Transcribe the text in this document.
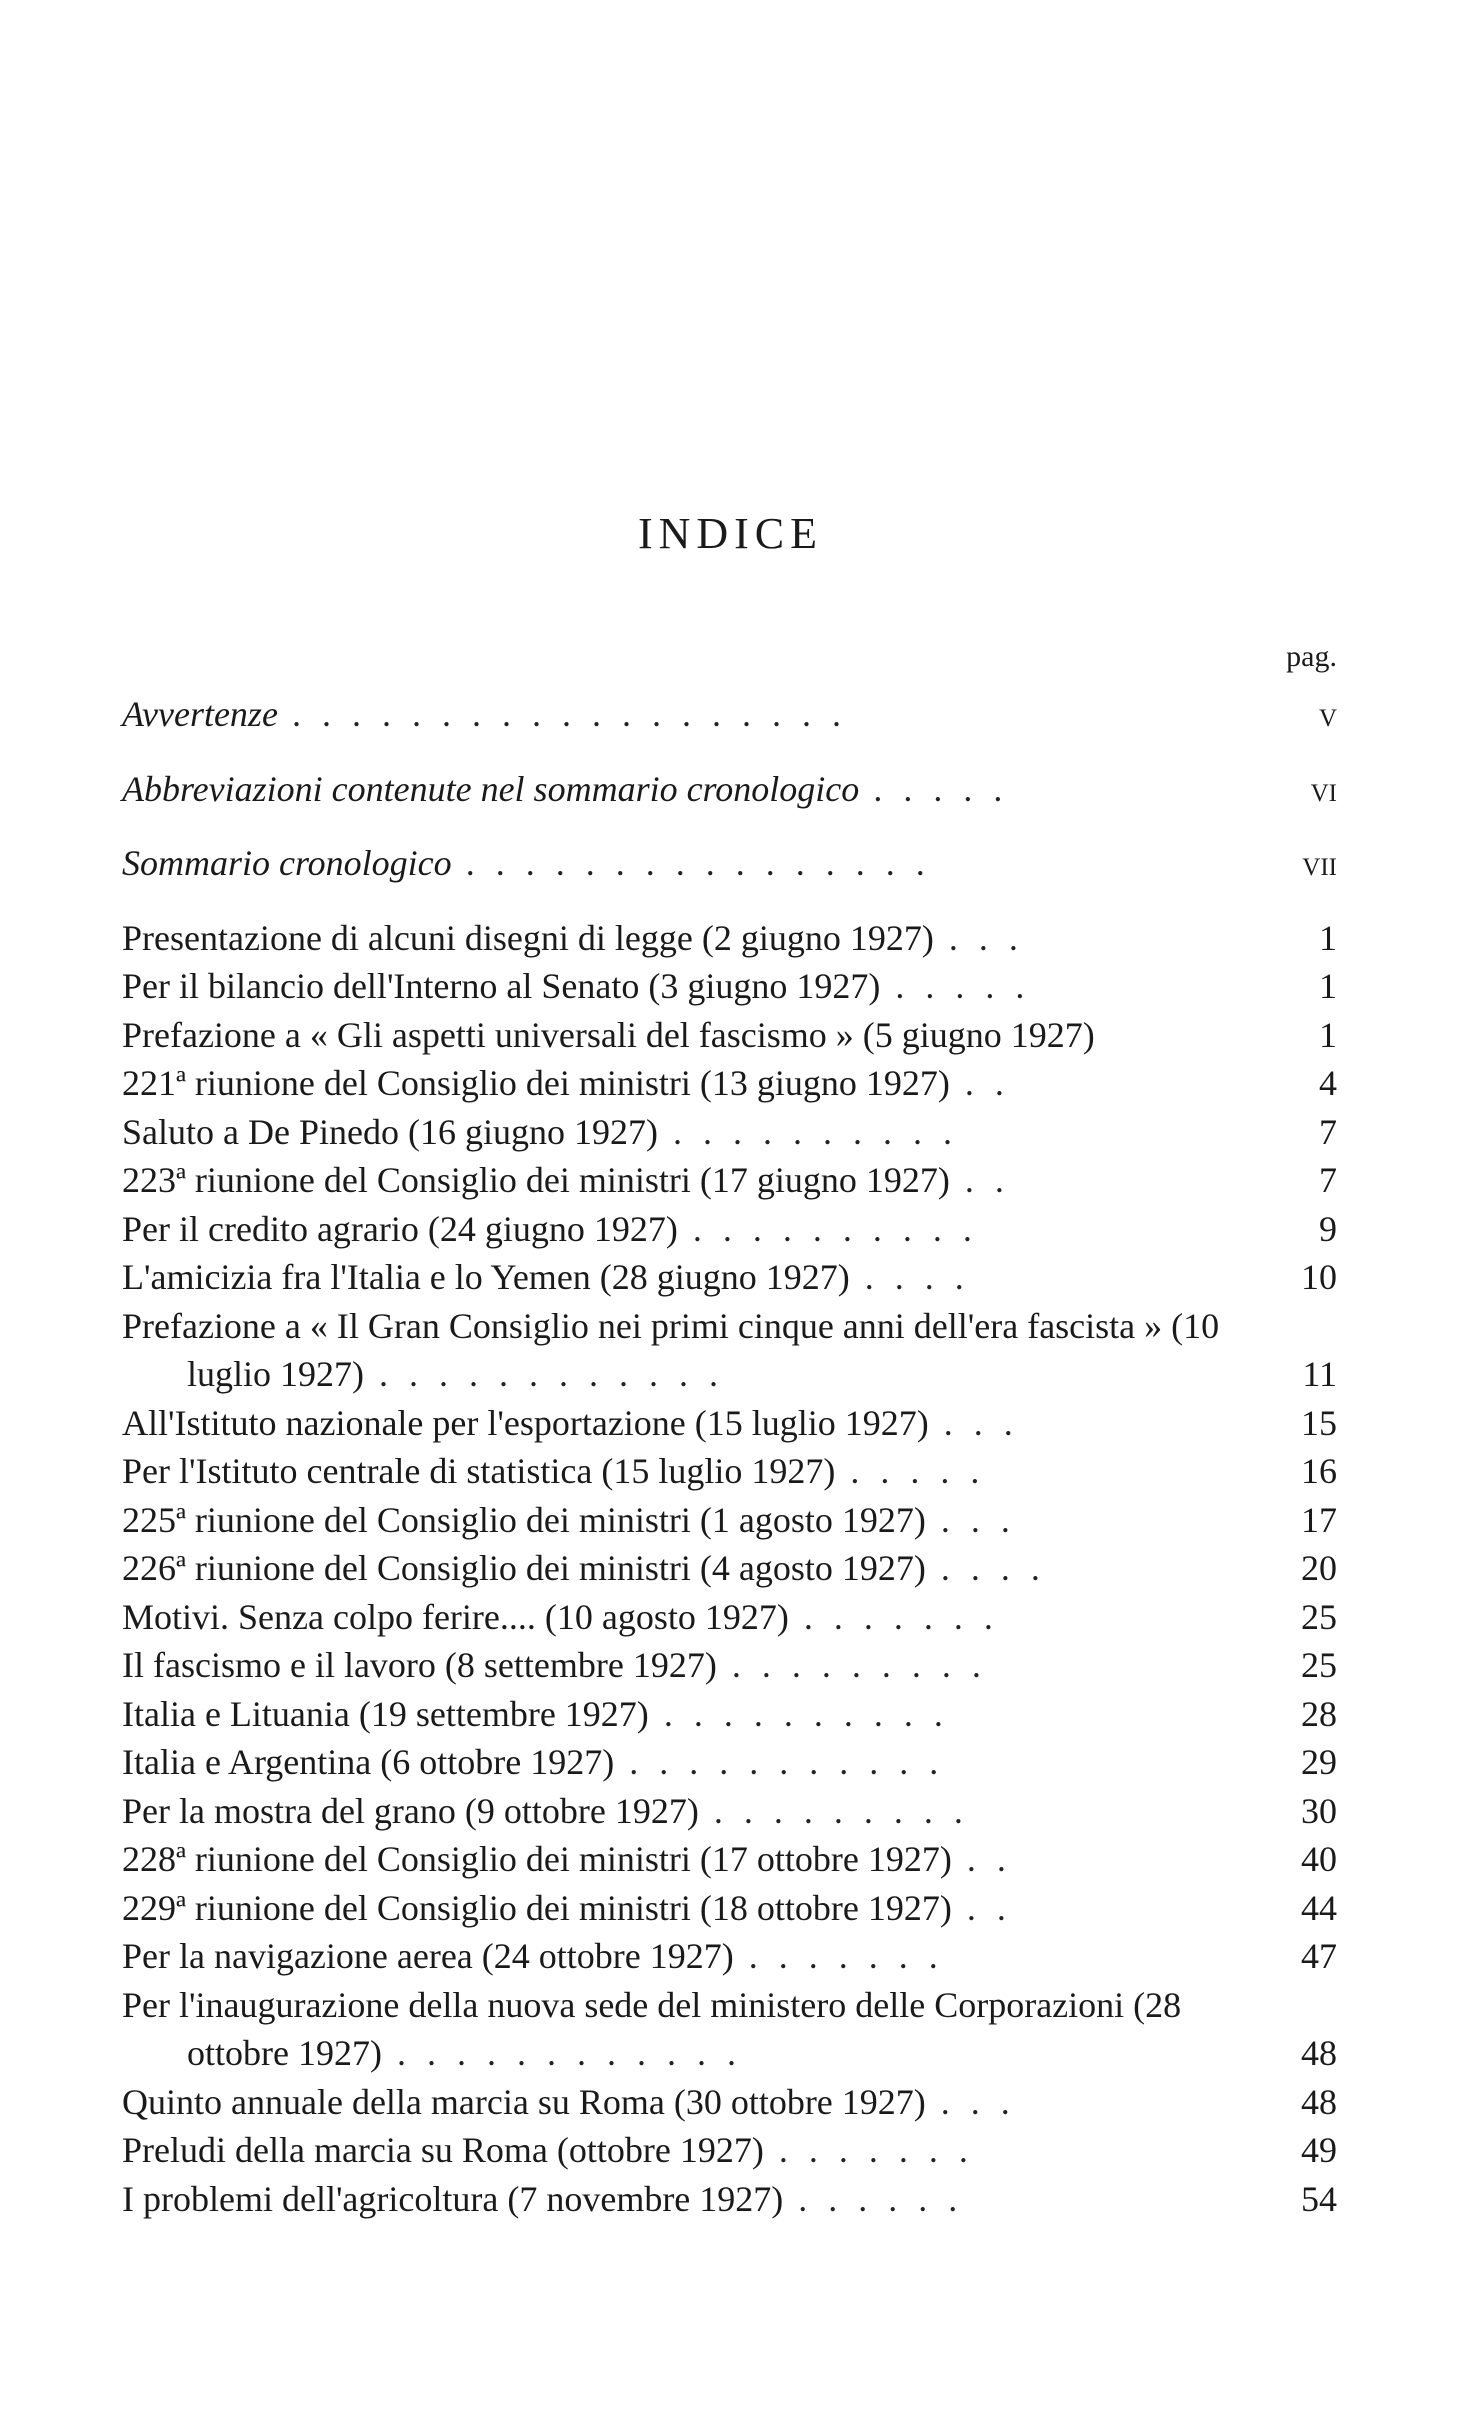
INDICE
pag.
Avvertenze . . . . . . . . . . . . . . . . . . .	v
Abbreviazioni contenute nel sommario cronologico . . . . .	vi
Sommario cronologico . . . . . . . . . . . . . . . .	vii
Presentazione di alcuni disegni di legge (2 giugno 1927) . . .	1
Per il bilancio dell'Interno al Senato (3 giugno 1927) . . . . .	1
Prefazione a « Gli aspetti universali del fascismo » (5 giugno 1927)	1
221ª riunione del Consiglio dei ministri (13 giugno 1927) . .	4
Saluto a De Pinedo (16 giugno 1927) . . . . . . . . . .	7
223ª riunione del Consiglio dei ministri (17 giugno 1927) . .	7
Per il credito agrario (24 giugno 1927) . . . . . . . . . .	9
L'amicizia fra l'Italia e lo Yemen (28 giugno 1927) . . . .	10
Prefazione a « Il Gran Consiglio nei primi cinque anni dell'era fascista » (10 luglio 1927) . . . . . . . . . . . .	11
All'Istituto nazionale per l'esportazione (15 luglio 1927) . . .	15
Per l'Istituto centrale di statistica (15 luglio 1927) . . . . .	16
225ª riunione del Consiglio dei ministri (1 agosto 1927) . . .	17
226ª riunione del Consiglio dei ministri (4 agosto 1927) . . . .	20
Motivi. Senza colpo ferire.... (10 agosto 1927) . . . . . . .	25
Il fascismo e il lavoro (8 settembre 1927) . . . . . . . . .	25
Italia e Lituania (19 settembre 1927) . . . . . . . . . .	28
Italia e Argentina (6 ottobre 1927) . . . . . . . . . . .	29
Per la mostra del grano (9 ottobre 1927) . . . . . . . . .	30
228ª riunione del Consiglio dei ministri (17 ottobre 1927) . .	40
229ª riunione del Consiglio dei ministri (18 ottobre 1927) . .	44
Per la navigazione aerea (24 ottobre 1927) . . . . . . .	47
Per l'inaugurazione della nuova sede del ministero delle Corporazioni (28 ottobre 1927) . . . . . . . . . . . .	48
Quinto annuale della marcia su Roma (30 ottobre 1927) . . .	48
Preludi della marcia su Roma (ottobre 1927) . . . . . . .	49
I problemi dell'agricoltura (7 novembre 1927) . . . . . .	54
